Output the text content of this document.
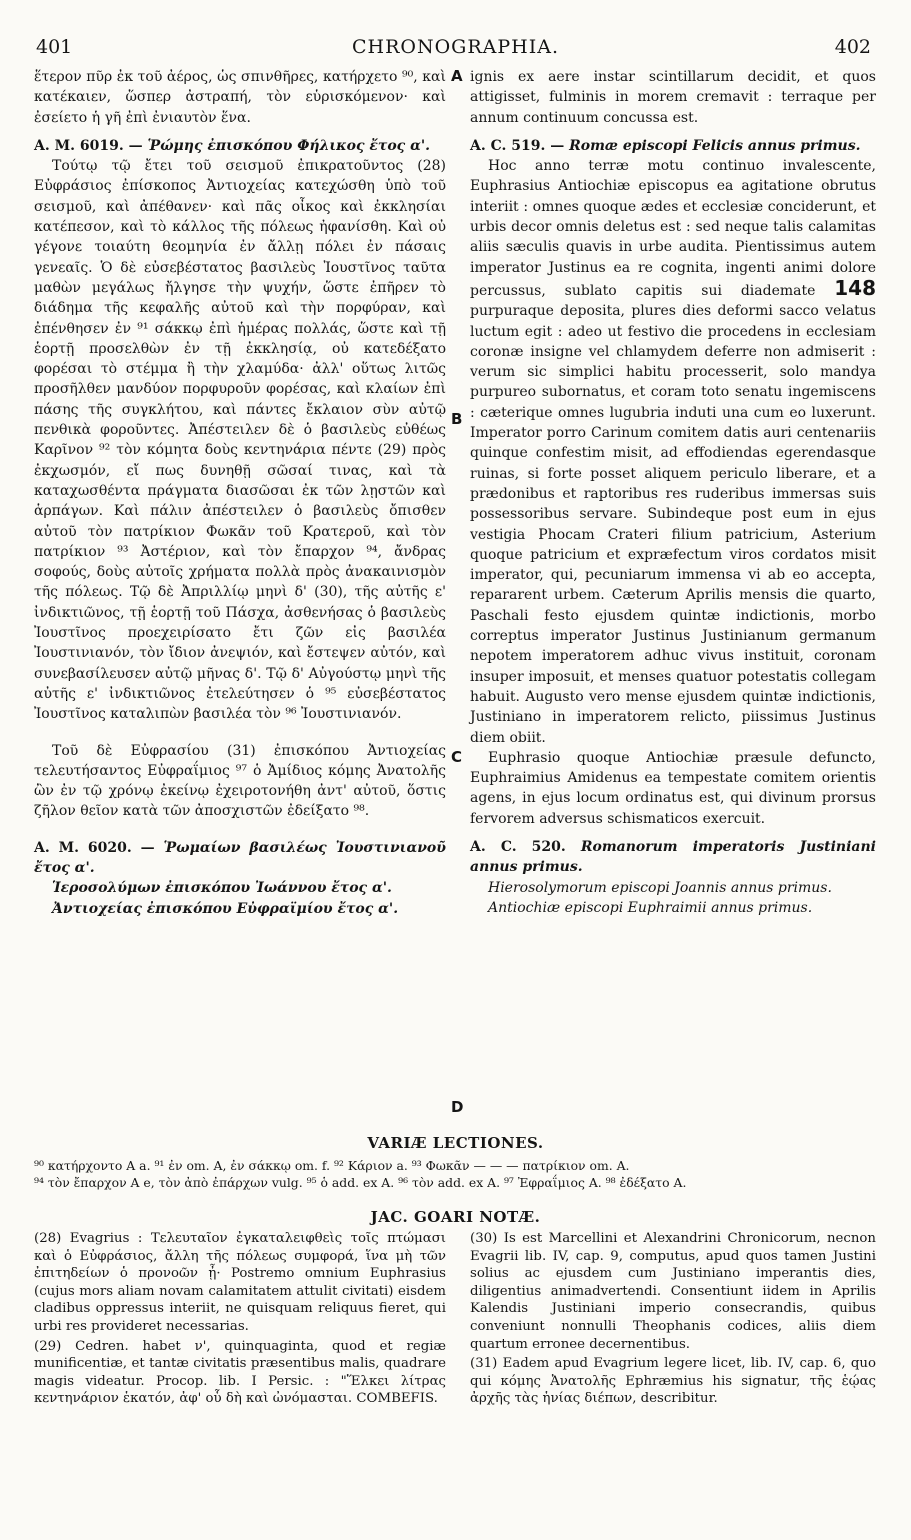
401	CHRONOGRAPHIA.	402

ἕτερον πῦρ ἐκ τοῦ ἀέρος, ὡς σπινθῆρες, κατήρχετο ⁹⁰, καὶ κατέκαιεν, ὥσπερ ἀστραπή, τὸν εὑρισκόμενον· καὶ ἐσείετο ἡ γῆ ἐπὶ ἐνιαυτὸν ἕνα.

A. M. 6019. — Ῥώμης ἐπισκόπου Φήλικος ἔτος α'.

Τούτῳ τῷ ἔτει τοῦ σεισμοῦ ἐπικρατοῦντος (28) Εὐφράσιος ἐπίσκοπος Ἀντιοχείας κατεχώσθη ὑπὸ τοῦ σεισμοῦ, καὶ ἀπέθανεν· καὶ πᾶς οἶκος καὶ ἐκκλησίαι κατέπεσον, καὶ τὸ κάλλος τῆς πόλεως ἠφανίσθη. Καὶ οὐ γέγονε τοιαύτη θεομηνία ἐν ἄλλῃ πόλει ἐν πάσαις γενεαῖς. Ὁ δὲ εὐσεβέστατος βασιλεὺς Ἰουστῖνος ταῦτα μαθὼν μεγάλως ἤλγησε τὴν ψυχήν, ὥστε ἐπῆρεν τὸ διάδημα τῆς κεφαλῆς αὐτοῦ καὶ τὴν πορφύραν, καὶ ἐπένθησεν ἐν ⁹¹ σάκκῳ ἐπὶ ἡμέρας πολλάς, ὥστε καὶ τῇ ἑορτῇ προσελθὼν ἐν τῇ ἐκκλησίᾳ, οὐ κατεδέξατο φορέσαι τὸ στέμμα ἢ τὴν χλαμύδα· ἀλλ' οὕτως λιτῶς προσῆλθεν μανδύον πορφυροῦν φορέσας, καὶ κλαίων ἐπὶ πάσης τῆς συγκλήτου, καὶ πάντες ἔκλαιον σὺν αὐτῷ πενθικὰ φοροῦντες. Ἀπέστειλεν δὲ ὁ βασιλεὺς εὐθέως Καρῖνον ⁹² τὸν κόμητα δοὺς κεντηνάρια πέντε (29) πρὸς ἐκχωσμόν, εἴ πως δυνηθῇ σῶσαί τινας, καὶ τὰ καταχωσθέντα πράγματα διασῶσαι ἐκ τῶν λῃστῶν καὶ ἁρπάγων. Καὶ πάλιν ἀπέστειλεν ὁ βασιλεὺς ὄπισθεν αὐτοῦ τὸν πατρίκιον Φωκᾶν τοῦ Κρατεροῦ, καὶ τὸν πατρίκιον ⁹³ Ἀστέριον, καὶ τὸν ἔπαρχον ⁹⁴, ἄνδρας σοφούς, δοὺς αὐτοῖς χρήματα πολλὰ πρὸς ἀνακαινισμὸν τῆς πόλεως. Τῷ δὲ Ἀπριλλίῳ μηνὶ δ' (30), τῆς αὐτῆς ε' ἰνδικτιῶνος, τῇ ἑορτῇ τοῦ Πάσχα, ἀσθενήσας ὁ βασιλεὺς Ἰουστῖνος προεχειρίσατο ἔτι ζῶν εἰς βασιλέα Ἰουστινιανόν, τὸν ἴδιον ἀνεψιόν, καὶ ἔστεψεν αὐτόν, καὶ συνεβασίλευσεν αὐτῷ μῆνας δ'. Τῷ δ' Αὐγούστῳ μηνὶ τῆς αὐτῆς ε' ἰνδικτιῶνος ἐτελεύτησεν ὁ ⁹⁵ εὐσεβέστατος Ἰουστῖνος καταλιπὼν βασιλέα τὸν ⁹⁶ Ἰουστινιανόν.

Τοῦ δὲ Εὐφρασίου (31) ἐπισκόπου Ἀντιοχείας τελευτήσαντος Εὐφραΐμιος ⁹⁷ ὁ Ἀμίδιος κόμης Ἀνατολῆς ὢν ἐν τῷ χρόνῳ ἐκείνῳ ἐχειροτονήθη ἀντ' αὐτοῦ, ὅστις ζῆλον θεῖον κατὰ τῶν ἀποσχιστῶν ἐδείξατο ⁹⁸.

A. M. 6020. — Ῥωμαίων βασιλέως Ἰουστινιανοῦ ἔτος α'.

Ἱεροσολύμων ἐπισκόπου Ἰωάννου ἔτος α'.

Ἀντιοχείας ἐπισκόπου Εὐφραϊμίου ἔτος α'.

A
B
C
D

ignis ex aere instar scintillarum decidit, et quos attigisset, fulminis in morem cremavit : terraque per annum continuum concussa est.

A. C. 519. — Romæ episcopi Felicis annus primus.

Hoc anno terræ motu continuo invalescente, Euphrasius Antiochiæ episcopus ea agitatione obrutus interiit : omnes quoque ædes et ecclesiæ conciderunt, et urbis decor omnis deletus est : sed neque talis calamitas aliis sæculis quavis in urbe audita. Pientissimus autem imperator Justinus ea re cognita, ingenti animi dolore percussus, sublato capitis sui diademate 148 purpuraque deposita, plures dies deformi sacco velatus luctum egit : adeo ut festivo die procedens in ecclesiam coronæ insigne vel chlamydem deferre non admiserit : verum sic simplici habitu processerit, solo mandya purpureo subornatus, et coram toto senatu ingemiscens : cæterique omnes lugubria induti una cum eo luxerunt. Imperator porro Carinum comitem datis auri centenariis quinque confestim misit, ad effodiendas egerendasque ruinas, si forte posset aliquem periculo liberare, et a prædonibus et raptoribus res ruderibus immersas suis possessoribus servare. Subindeque post eum in ejus vestigia Phocam Crateri filium patricium, Asterium quoque patricium et expræfectum viros cordatos misit imperator, qui, pecuniarum immensa vi ab eo accepta, repararent urbem. Cæterum Aprilis mensis die quarto, Paschali festo ejusdem quintæ indictionis, morbo correptus imperator Justinus Justinianum germanum nepotem imperatorem adhuc vivus instituit, coronam insuper imposuit, et menses quatuor potestatis collegam habuit. Augusto vero mense ejusdem quintæ indictionis, Justiniano in imperatorem relicto, piissimus Justinus diem obiit.

Euphrasio quoque Antiochiæ præsule defuncto, Euphraimius Amidenus ea tempestate comitem orientis agens, in ejus locum ordinatus est, qui divinum prorsus fervorem adversus schismaticos exercuit.

A. C. 520. Romanorum imperatoris Justiniani annus primus.

Hierosolymorum episcopi Joannis annus primus.

Antiochiæ episcopi Euphraimii annus primus.

VARIÆ LECTIONES.

⁹⁰ κατήρχοντο A a. ⁹¹ ἐν om. A, ἐν σάκκῳ om. f. ⁹² Κάριον a. ⁹³ Φωκᾶν — — — πατρίκιον om. A.

⁹⁴ τὸν ἔπαρχον A e, τὸν ἀπὸ ἐπάρχων vulg. ⁹⁵ ὁ add. ex A. ⁹⁶ τὸν add. ex A. ⁹⁷ Ἐφραΐμιος A. ⁹⁸ ἐδέξατο A.

JAC. GOARI NOTÆ.

(28) Evagrius : Τελευταῖον ἐγκαταλειφθεὶς τοῖς πτώμασι καὶ ὁ Εὐφράσιος, ἄλλη τῆς πόλεως συμφορά, ἵνα μὴ τῶν ἐπιτηδείων ὁ προνοῶν ᾖ· Postremo omnium Euphrasius (cujus mors aliam novam calamitatem attulit civitati) eisdem cladibus oppressus interiit, ne quisquam reliquus fieret, qui urbi res provideret necessarias.

(29) Cedren. habet ν', quinquaginta, quod et regiæ munificentiæ, et tantæ civitatis præsentibus malis, quadrare magis videatur. Procop. lib. I Persic. : "Ἕλκει λίτρας κεντηνάριον ἑκατόν, ἀφ' οὗ δὴ καὶ ὠνόμασται. COMBEFIS.

(30) Is est Marcellini et Alexandrini Chronicorum, necnon Evagrii lib. IV, cap. 9, computus, apud quos tamen Justini solius ac ejusdem cum Justiniano imperantis dies, diligentius animadvertendi. Consentiunt iidem in Aprilis Kalendis Justiniani imperio consecrandis, quibus conveniunt nonnulli Theophanis codices, aliis diem quartum erronee decernentibus.

(31) Eadem apud Evagrium legere licet, lib. IV, cap. 6, quo qui κόμης Ἀνατολῆς Ephræmius his signatur, τῆς ἑῴας ἀρχῆς τὰς ἡνίας διέπων, describitur.
